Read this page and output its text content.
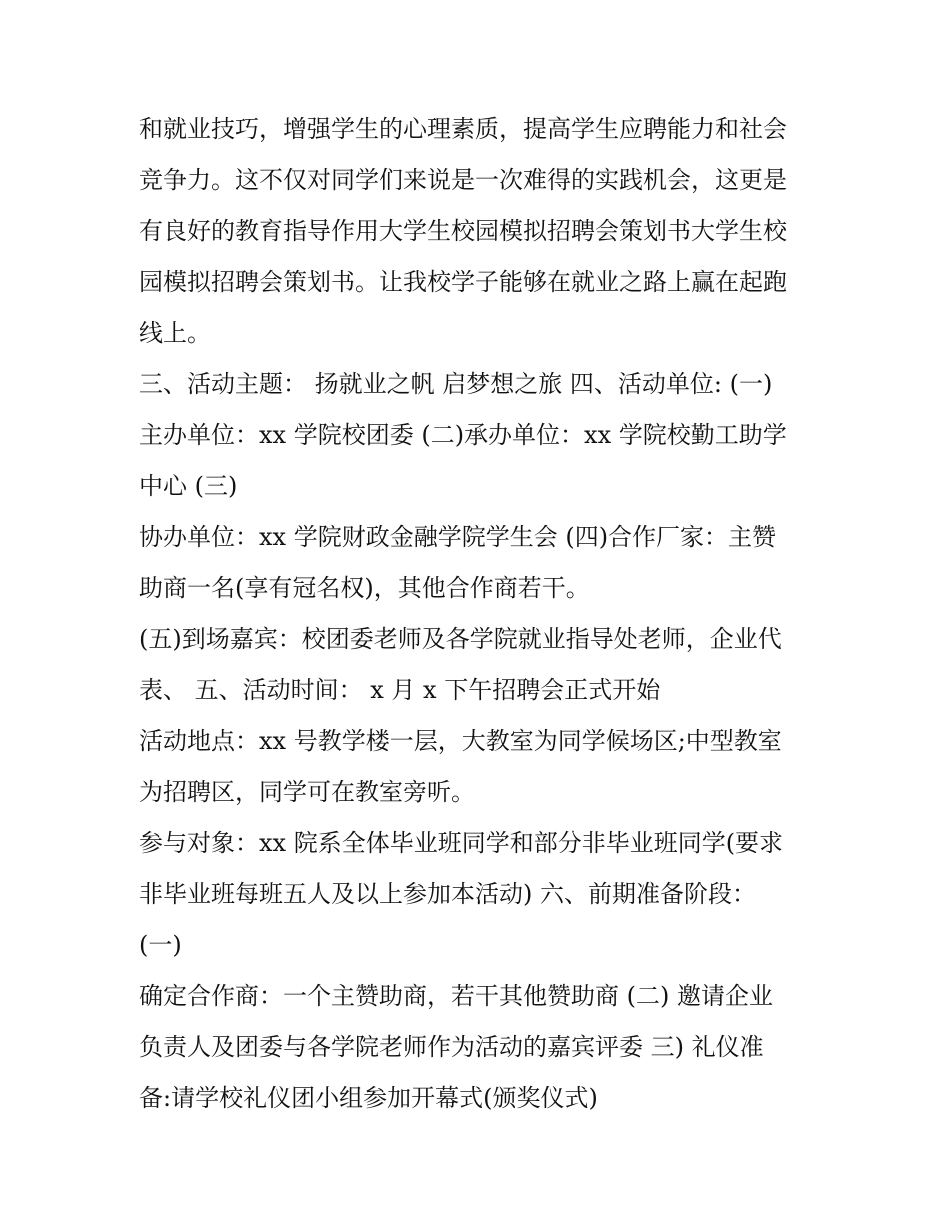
和就业技巧，增强学生的心理素质，提高学生应聘能力和社会
竞争力。这不仅对同学们来说是一次难得的实践机会，这更是
有良好的教育指导作用大学生校园模拟招聘会策划书大学生校
园模拟招聘会策划书。让我校学子能够在就业之路上赢在起跑
线上。
三、活动主题： 扬就业之帆 启梦想之旅 四、活动单位: (一)
主办单位：xx 学院校团委 (二)承办单位：xx 学院校勤工助学
中心 (三)
协办单位：xx 学院财政金融学院学生会 (四)合作厂家：主赞
助商一名(享有冠名权)，其他合作商若干。
(五)到场嘉宾：校团委老师及各学院就业指导处老师，企业代
表、 五、活动时间： x 月 x 下午招聘会正式开始
活动地点：xx 号教学楼一层，大教室为同学候场区;中型教室
为招聘区，同学可在教室旁听。
参与对象：xx 院系全体毕业班同学和部分非毕业班同学(要求
非毕业班每班五人及以上参加本活动) 六、前期准备阶段：
(一)
确定合作商：一个主赞助商，若干其他赞助商 (二) 邀请企业
负责人及团委与各学院老师作为活动的嘉宾评委 三) 礼仪准
备:请学校礼仪团小组参加开幕式(颁奖仪式)
